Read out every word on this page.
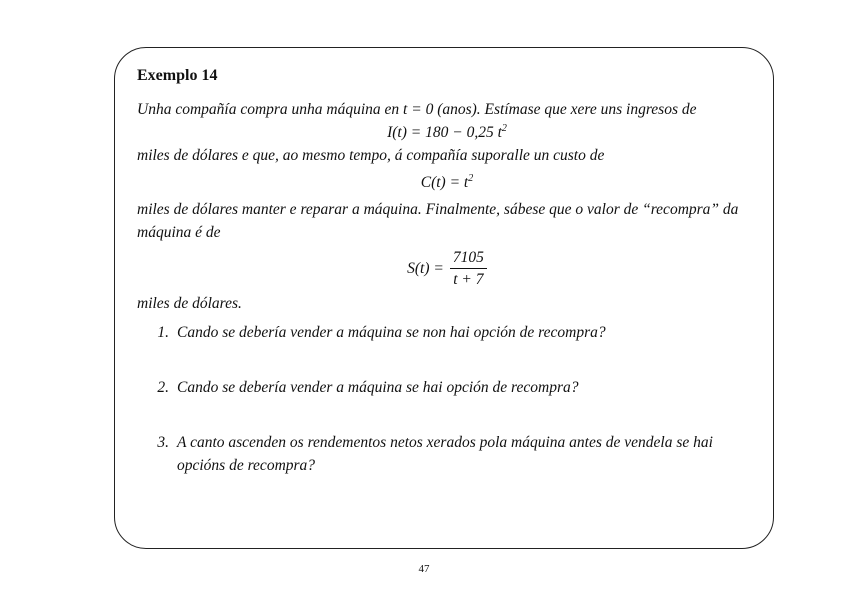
Exemplo 14

Unha compañía compra unha máquina en t = 0 (anos). Estímase que xere uns ingresos de

I(t) = 180 − 0,25 $t^2$

miles de dólares e que, ao mesmo tempo, á compañía suporalle un custo de

$C(t) = t^2$

miles de dólares manter e reparar a máquina. Finalmente, sábese que o valor de “recompra” da máquina é de

$S(t) = \frac{7105}{t + 7}$

miles de dólares.

1. Cando se debería vender a máquina se non hai opción de recompra?
2. Cando se debería vender a máquina se hai opción de recompra?
3. A canto ascenden os rendementos netos xerados pola máquina antes de vendela se hai opcións de recompra?
47
